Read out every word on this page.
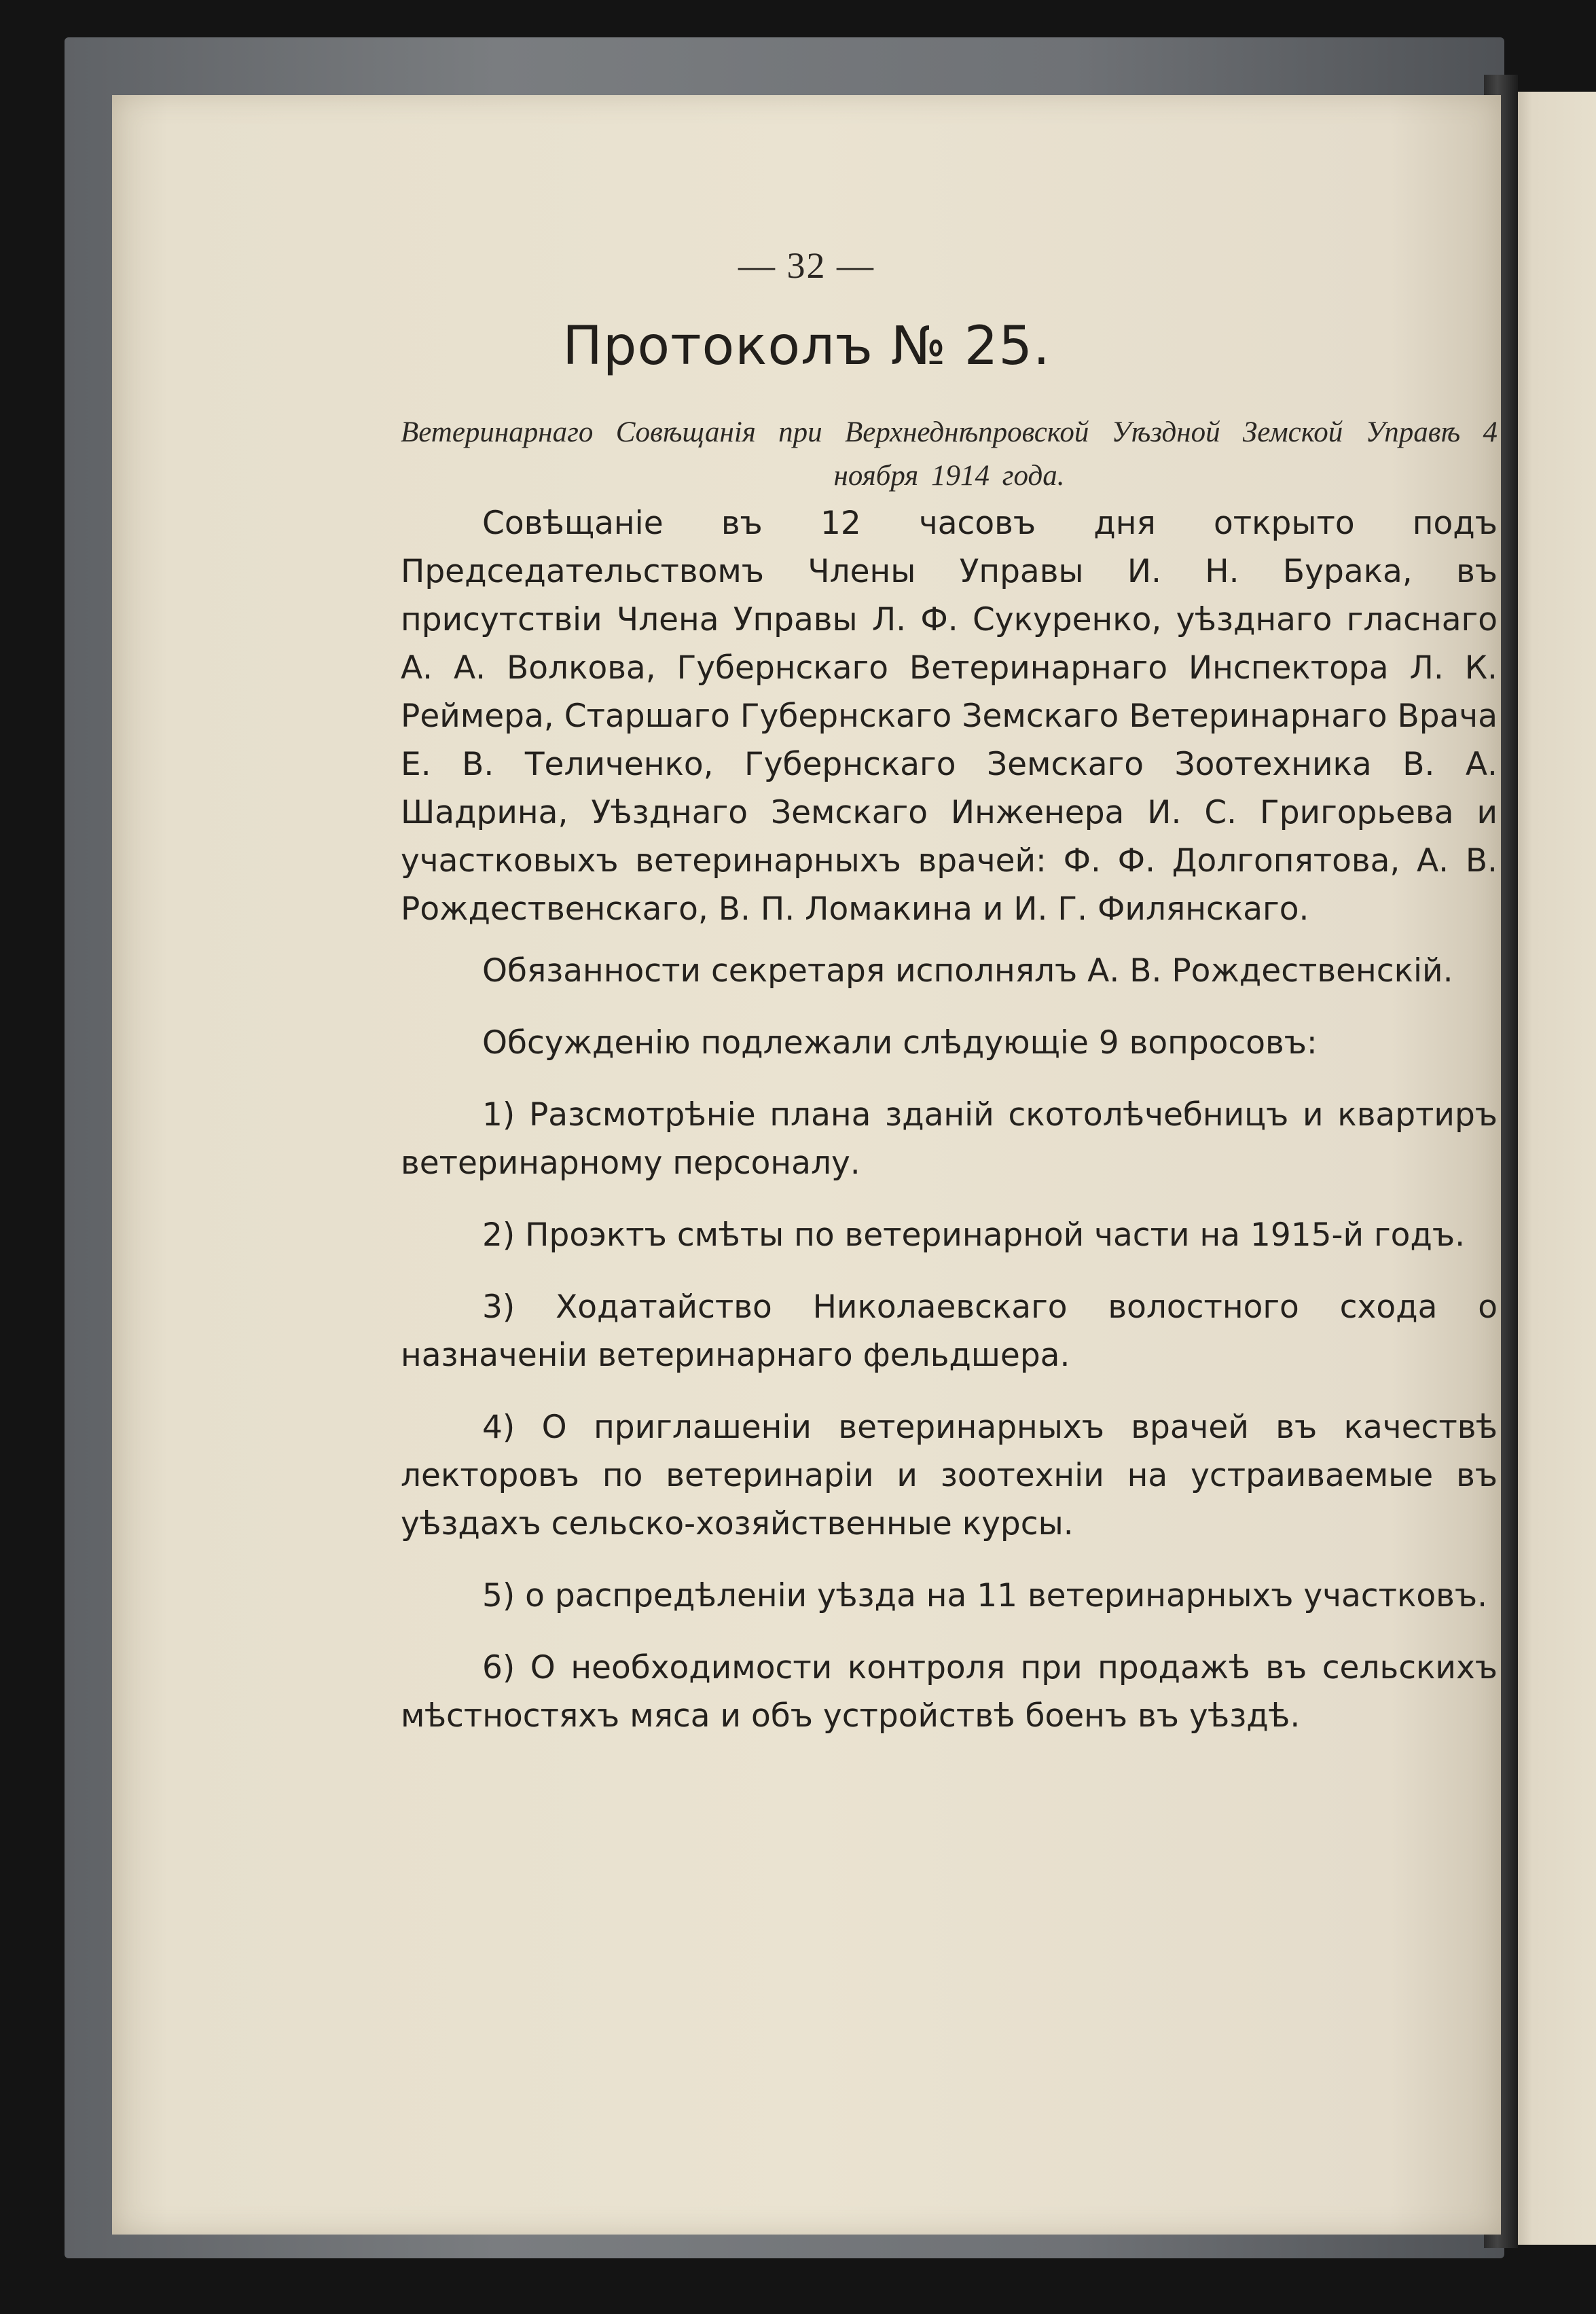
— 32 —
Протоколъ № 25.
Ветеринарнаго Совѣщанія при Верхнеднѣпровской Уѣздной Земской Управѣ 4 ноября 1914 года.

Совѣщаніе въ 12 часовъ дня открыто подъ Председательствомъ Члены Управы И. Н. Бурака, въ присутствіи Члена Управы Л. Ф. Сукуренко, уѣзднаго гласнаго А. А. Волкова, Губернскаго Ветеринарнаго Инспектора Л. К. Реймера, Старшаго Губернскаго Земскаго Ветеринарнаго Врача Е. В. Теличенко, Губернскаго Земскаго Зоотехника В. А. Шадрина, Уѣзднаго Земскаго Инженера И. С. Григорьева и участковыхъ ветеринарныхъ врачей: Ф. Ф. Долгопятова, А. В. Рождественскаго, В. П. Ломакина и И. Г. Филянскаго.

Обязанности секретаря исполнялъ А. В. Рождественскій.

Обсужденію подлежали слѣдующіе 9 вопросовъ:

1) Разсмотрѣніе плана зданій скотолѣчебницъ и квартиръ ветеринарному персоналу.

2) Проэктъ смѣты по ветеринарной части на 1915-й годъ.

3) Ходатайство Николаевскаго волостного схода о назначеніи ветеринарнаго фельдшера.

4) О приглашеніи ветеринарныхъ врачей въ качествѣ лекторовъ по ветеринаріи и зоотехніи на устраиваемые въ уѣздахъ сельско-хозяйственные курсы.

5) о распредѣленіи уѣзда на 11 ветеринарныхъ участковъ.

6) О необходимости контроля при продажѣ въ сельскихъ мѣстностяхъ мяса и объ устройствѣ боенъ въ уѣздѣ.
